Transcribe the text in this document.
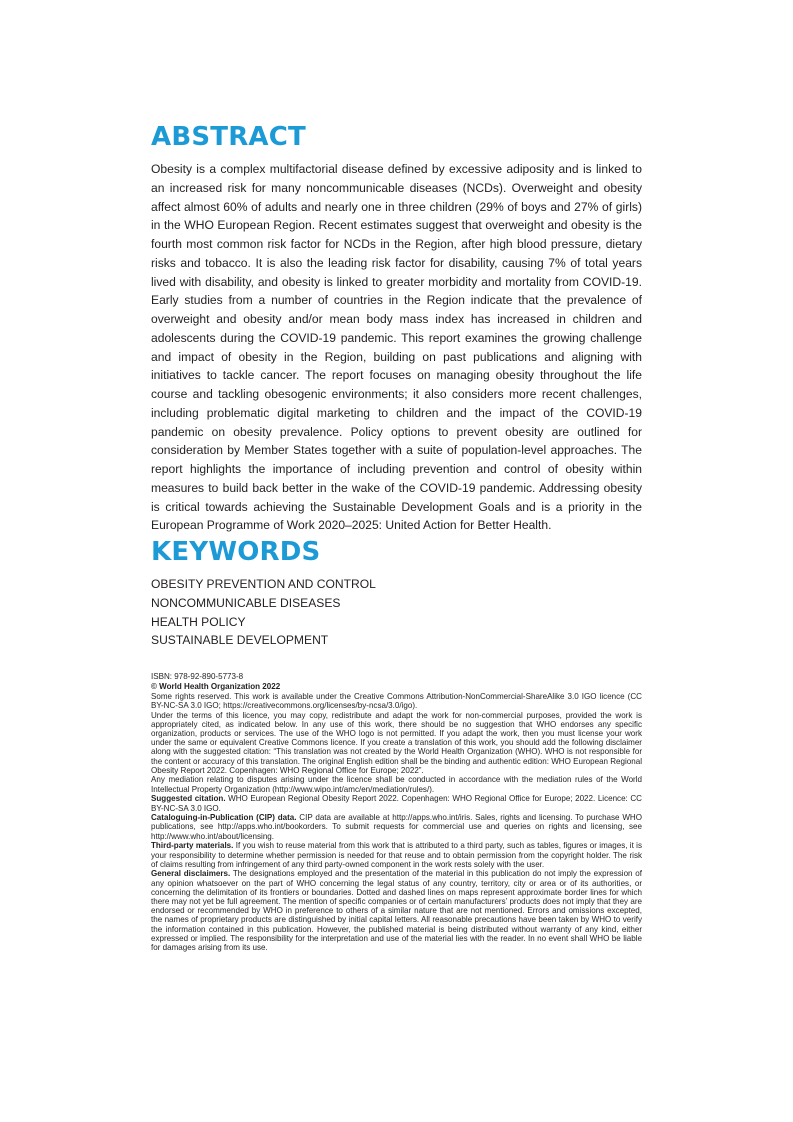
ABSTRACT

Obesity is a complex multifactorial disease defined by excessive adiposity and is linked to an increased risk for many noncommunicable diseases (NCDs). Overweight and obesity affect almost 60% of adults and nearly one in three children (29% of boys and 27% of girls) in the WHO European Region. Recent estimates suggest that overweight and obesity is the fourth most common risk factor for NCDs in the Region, after high blood pressure, dietary risks and tobacco. It is also the leading risk factor for disability, causing 7% of total years lived with disability, and obesity is linked to greater morbidity and mortality from COVID-19. Early studies from a number of countries in the Region indicate that the prevalence of overweight and obesity and/or mean body mass index has increased in children and adolescents during the COVID-19 pandemic. This report examines the growing challenge and impact of obesity in the Region, building on past publications and aligning with initiatives to tackle cancer. The report focuses on managing obesity throughout the life course and tackling obesogenic environments; it also considers more recent challenges, including problematic digital marketing to children and the impact of the COVID-19 pandemic on obesity prevalence. Policy options to prevent obesity are outlined for consideration by Member States together with a suite of population-level approaches. The report highlights the importance of including prevention and control of obesity within measures to build back better in the wake of the COVID-19 pandemic. Addressing obesity is critical towards achieving the Sustainable Development Goals and is a priority in the European Programme of Work 2020–2025: United Action for Better Health.

KEYWORDS
OBESITY PREVENTION AND CONTROL
NONCOMMUNICABLE DISEASES
HEALTH POLICY
SUSTAINABLE DEVELOPMENT

ISBN: 978-92-890-5773-8

© World Health Organization 2022

Some rights reserved. This work is available under the Creative Commons Attribution-NonCommercial-ShareAlike 3.0 IGO licence (CC BY-NC-SA 3.0 IGO; https://creativecommons.org/licenses/by-ncsa/3.0/igo).

Under the terms of this licence, you may copy, redistribute and adapt the work for non-commercial purposes, provided the work is appropriately cited, as indicated below. In any use of this work, there should be no suggestion that WHO endorses any specific organization, products or services. The use of the WHO logo is not permitted. If you adapt the work, then you must license your work under the same or equivalent Creative Commons licence. If you create a translation of this work, you should add the following disclaimer along with the suggested citation: “This translation was not created by the World Health Organization (WHO). WHO is not responsible for the content or accuracy of this translation. The original English edition shall be the binding and authentic edition: WHO European Regional Obesity Report 2022. Copenhagen: WHO Regional Office for Europe; 2022”.

Any mediation relating to disputes arising under the licence shall be conducted in accordance with the mediation rules of the World Intellectual Property Organization (http://www.wipo.int/amc/en/mediation/rules/).

Suggested citation. WHO European Regional Obesity Report 2022. Copenhagen: WHO Regional Office for Europe; 2022. Licence: CC BY-NC-SA 3.0 IGO.

Cataloguing-in-Publication (CIP) data. CIP data are available at http://apps.who.int/iris. Sales, rights and licensing. To purchase WHO publications, see http://apps.who.int/bookorders. To submit requests for commercial use and queries on rights and licensing, see http://www.who.int/about/licensing.

Third-party materials. If you wish to reuse material from this work that is attributed to a third party, such as tables, figures or images, it is your responsibility to determine whether permission is needed for that reuse and to obtain permission from the copyright holder. The risk of claims resulting from infringement of any third party-owned component in the work rests solely with the user.

General disclaimers. The designations employed and the presentation of the material in this publication do not imply the expression of any opinion whatsoever on the part of WHO concerning the legal status of any country, territory, city or area or of its authorities, or concerning the delimitation of its frontiers or boundaries. Dotted and dashed lines on maps represent approximate border lines for which there may not yet be full agreement. The mention of specific companies or of certain manufacturers’ products does not imply that they are endorsed or recommended by WHO in preference to others of a similar nature that are not mentioned. Errors and omissions excepted, the names of proprietary products are distinguished by initial capital letters. All reasonable precautions have been taken by WHO to verify the information contained in this publication. However, the published material is being distributed without warranty of any kind, either expressed or implied. The responsibility for the interpretation and use of the material lies with the reader. In no event shall WHO be liable for damages arising from its use.
